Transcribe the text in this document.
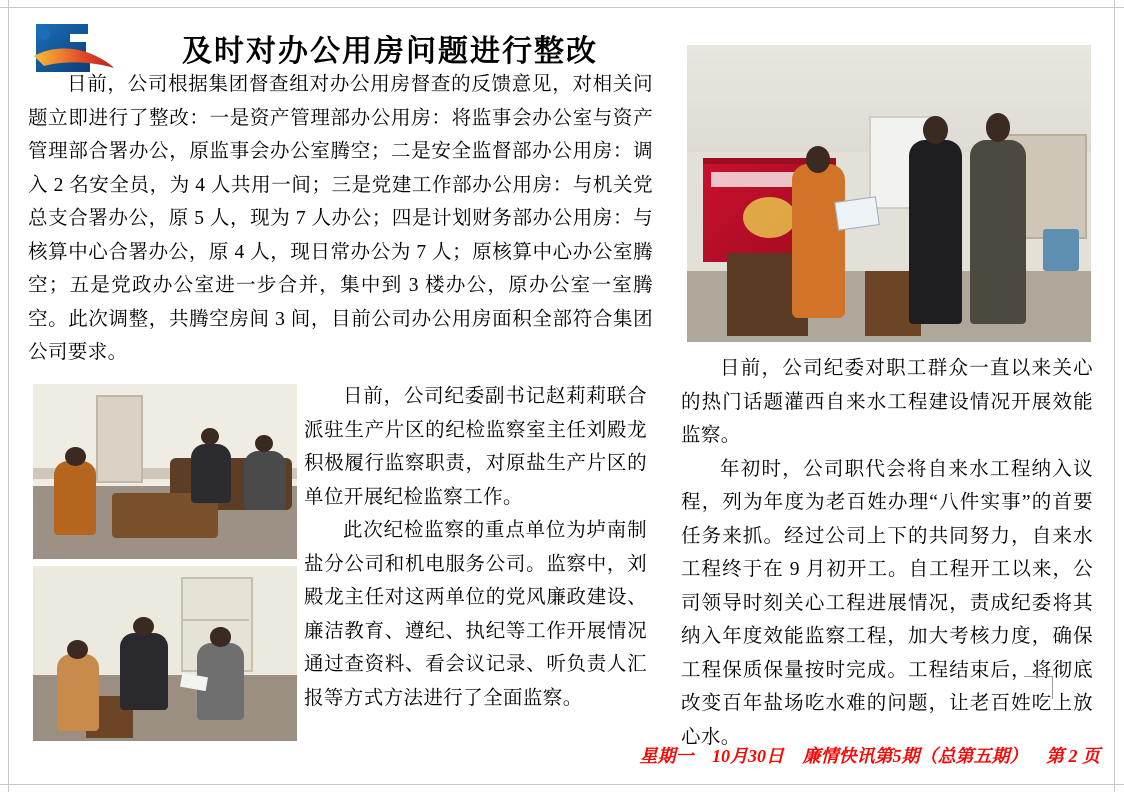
及时对办公用房问题进行整改

日前，公司根据集团督查组对办公用房督查的反馈意见，对相关问题立即进行了整改：一是资产管理部办公用房：将监事会办公室与资产管理部合署办公，原监事会办公室腾空；二是安全监督部办公用房：调入 2 名安全员，为 4 人共用一间；三是党建工作部办公用房：与机关党总支合署办公，原 5 人，现为 7 人办公；四是计划财务部办公用房：与核算中心合署办公，原 4 人，现日常办公为 7 人；原核算中心办公室腾空；五是党政办公室进一步合并，集中到 3 楼办公，原办公室一室腾空。此次调整，共腾空房间 3 间，目前公司办公用房面积全部符合集团公司要求。

日前，公司纪委副书记赵莉莉联合派驻生产片区的纪检监察室主任刘殿龙积极履行监察职责，对原盐生产片区的单位开展纪检监察工作。

此次纪检监察的重点单位为垆南制盐分公司和机电服务公司。监察中，刘殿龙主任对这两单位的党风廉政建设、廉洁教育、遵纪、执纪等工作开展情况通过查资料、看会议记录、听负责人汇报等方式方法进行了全面监察。

日前，公司纪委对职工群众一直以来关心的热门话题灌西自来水工程建设情况开展效能监察。

年初时，公司职代会将自来水工程纳入议程，列为年度为老百姓办理“八件实事”的首要任务来抓。经过公司上下的共同努力，自来水工程终于在 9 月初开工。自工程开工以来，公司领导时刻关心工程进展情况，责成纪委将其纳入年度效能监察工程，加大考核力度，确保工程保质保量按时完成。工程结束后，将彻底改变百年盐场吃水难的问题，让老百姓吃上放心水。

星期一 10月30日 廉情快讯第5期（总第五期） 第 2 页
